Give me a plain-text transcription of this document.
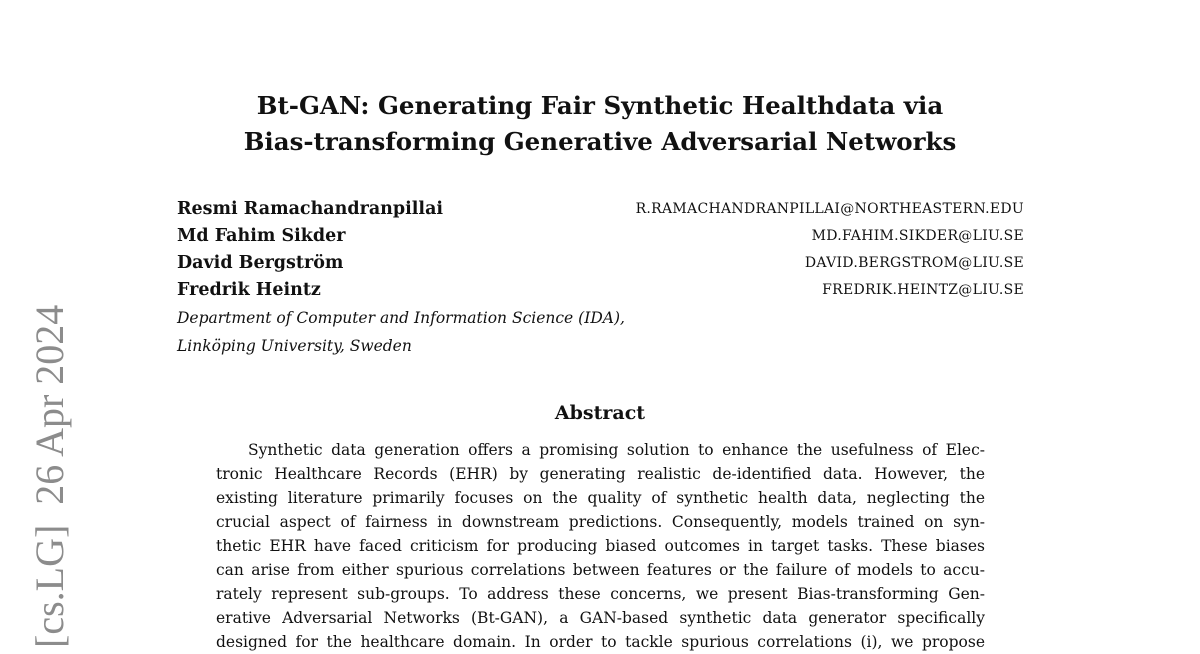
[cs.LG]26 Apr 2024
Bt-GAN: Generating Fair Synthetic Healthdata via
Bias-transforming Generative Adversarial Networks
Resmi Ramachandranpillai	R.RAMACHANDRANPILLAI@NORTHEASTERN.EDU
Md Fahim Sikder	MD.FAHIM.SIKDER@LIU.SE
David Bergström	DAVID.BERGSTROM@LIU.SE
Fredrik Heintz	FREDRIK.HEINTZ@LIU.SE
Department of Computer and Information Science (IDA),
Linköping University, Sweden
Abstract
Synthetic data generation offers a promising solution to enhance the usefulness of Elec-
tronic Healthcare Records (EHR) by generating realistic de-identified data. However, the
existing literature primarily focuses on the quality of synthetic health data, neglecting the
crucial aspect of fairness in downstream predictions. Consequently, models trained on syn-
thetic EHR have faced criticism for producing biased outcomes in target tasks. These biases
can arise from either spurious correlations between features or the failure of models to accu-
rately represent sub-groups. To address these concerns, we present Bias-transforming Gen-
erative Adversarial Networks (Bt-GAN), a GAN-based synthetic data generator specifically
designed for the healthcare domain. In order to tackle spurious correlations (i), we propose
